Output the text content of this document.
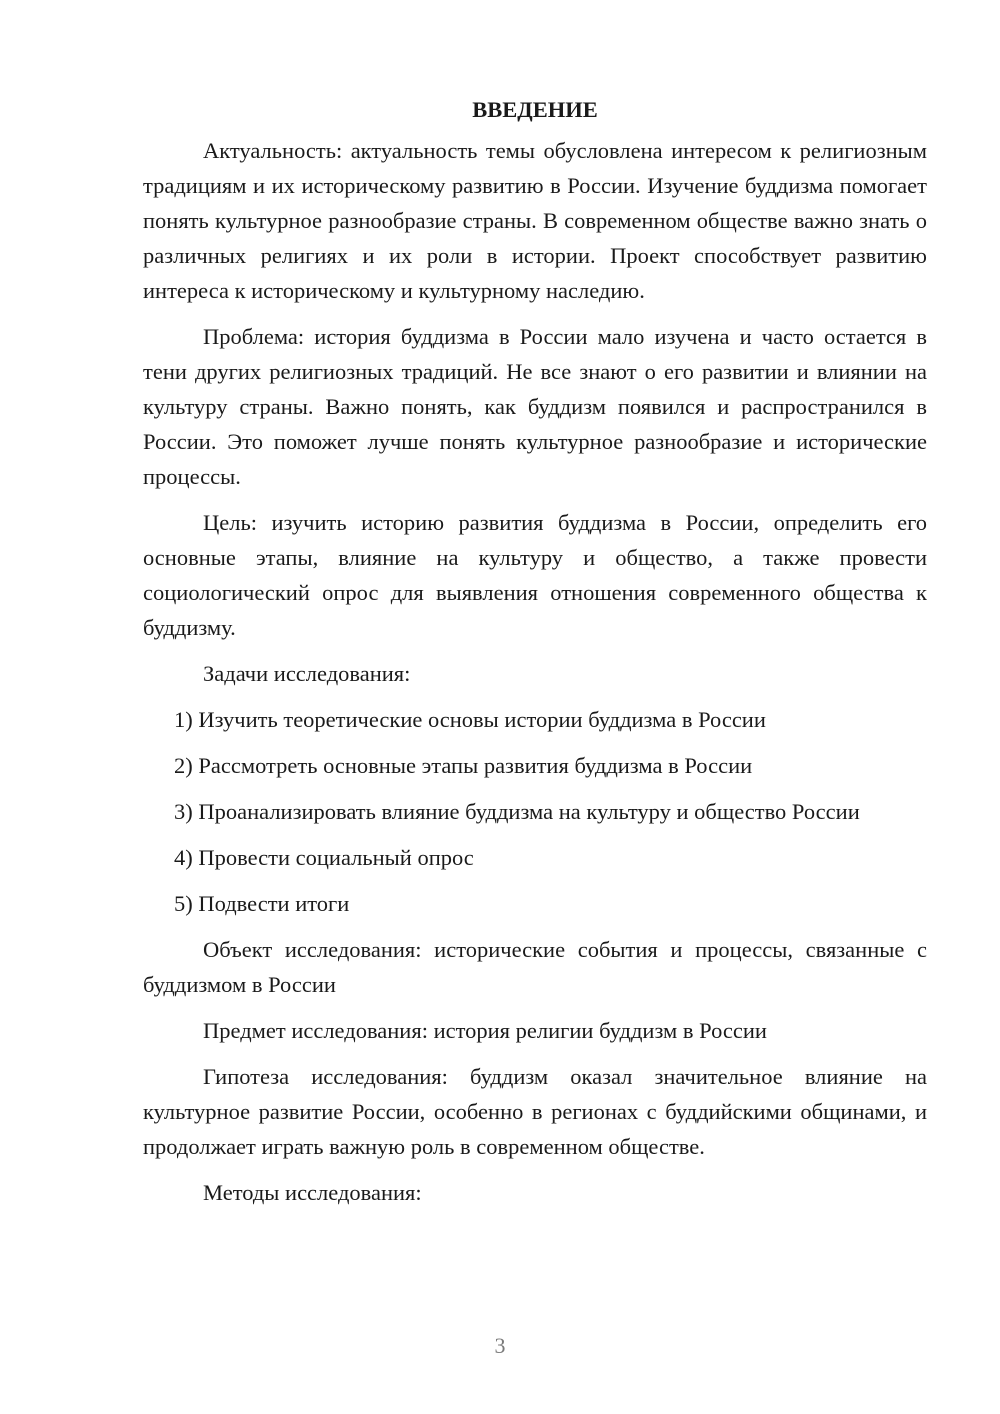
ВВЕДЕНИЕ

Актуальность: актуальность темы обусловлена интересом к религиозным традициям и их историческому развитию в России. Изучение буддизма помогает понять культурное разнообразие страны. В современном обществе важно знать о различных религиях и их роли в истории. Проект способствует развитию интереса к историческому и культурному наследию.

Проблема: история буддизма в России мало изучена и часто остается в тени других религиозных традиций. Не все знают о его развитии и влиянии на культуру страны. Важно понять, как буддизм появился и распространился в России. Это поможет лучше понять культурное разнообразие и исторические процессы.

Цель: изучить историю развития буддизма в России, определить его основные этапы, влияние на культуру и общество, а также провести социологический опрос для выявления отношения современного общества к буддизму.

Задачи исследования:

1) Изучить теоретические основы истории буддизма в России

2) Рассмотреть основные этапы развития буддизма в России

3) Проанализировать влияние буддизма на культуру и общество России

4) Провести социальный опрос

5) Подвести итоги

Объект исследования: исторические события и процессы, связанные с буддизмом в России

Предмет исследования: история религии буддизм в России

Гипотеза исследования: буддизм оказал значительное влияние на культурное развитие России, особенно в регионах с буддийскими общинами, и продолжает играть важную роль в современном обществе.

Методы исследования:

3
